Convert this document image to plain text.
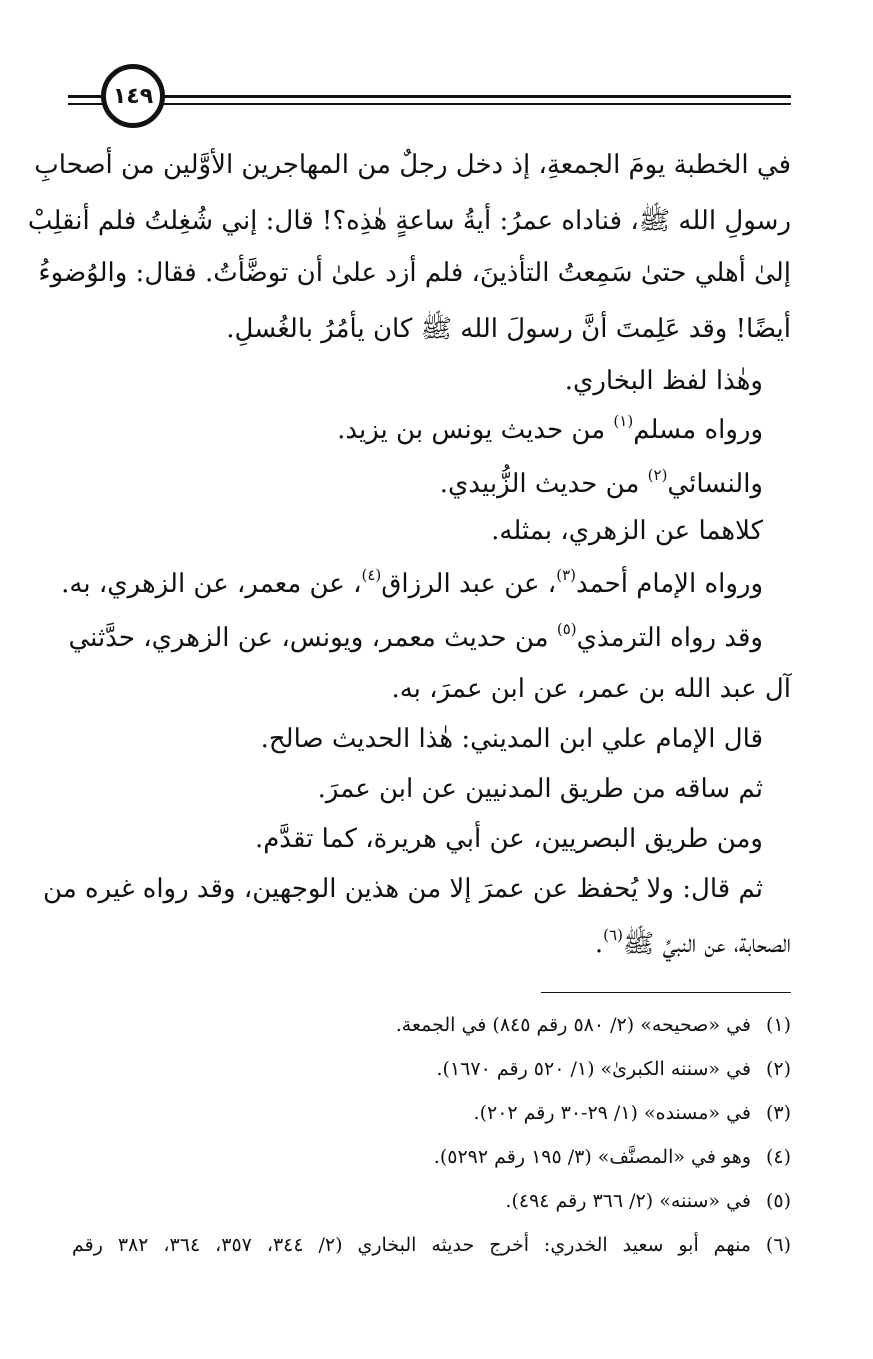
١٤٩
في الخطبة يومَ الجمعةِ، إذ دخل رجلٌ من المهاجرين الأوَّلين من أصحابِ
رسولِ الله ﷺ، فناداه عمرُ: أيةُ ساعةٍ هٰذِه؟! قال: إني شُغِلتُ فلم أنقلِبْ
إلىٰ أهلي حتىٰ سَمِعتُ التأذينَ، فلم أزد علىٰ أن توضَّأتُ. فقال: والوُضوءُ
أيضًا! وقد عَلِمتَ أنَّ رسولَ الله ﷺ كان يأمُرُ بالغُسلِ.
وهٰذا لفظ البخاري.
ورواه مسلم$^{(١)}$ من حديث يونس بن يزيد.
والنسائي$^{(٢)}$ من حديث الزُّبيدي.
كلاهما عن الزهري، بمثله.
ورواه الإمام أحمد$^{(٣)}$، عن عبد الرزاق$^{(٤)}$، عن معمر، عن الزهري، به.
وقد رواه الترمذي$^{(٥)}$ من حديث معمر، ويونس، عن الزهري، حدَّثني
آل عبد الله بن عمر، عن ابن عمرَ، به.
قال الإمام علي ابن المديني: هٰذا الحديث صالح.
ثم ساقه من طريق المدنيين عن ابن عمرَ.
ومن طريق البصريين، عن أبي هريرة، كما تقدَّم.
ثم قال: ولا يُحفظ عن عمرَ إلا من هذين الوجهين، وقد رواه غيره من
الصحابة، عن النبيِّ ﷺ$^{(٦)}$.
(١)في «صحيحه» (٢/ ٥٨٠ رقم ٨٤٥) في الجمعة.
(٢)في «سننه الكبرىٰ» (١/ ٥٢٠ رقم ١٦٧٠).
(٣)في «مسنده» (١/ ٢٩-٣٠ رقم ٢٠٢).
(٤)وهو في «المصنَّف» (٣/ ١٩٥ رقم ٥٢٩٢).
(٥)في «سننه» (٢/ ٣٦٦ رقم ٤٩٤).
(٦)منهم أبو سعيد الخدري: أخرج حديثه البخاري (٢/ ٣٤٤، ٣٥٧، ٣٦٤، ٣٨٢ رقم
